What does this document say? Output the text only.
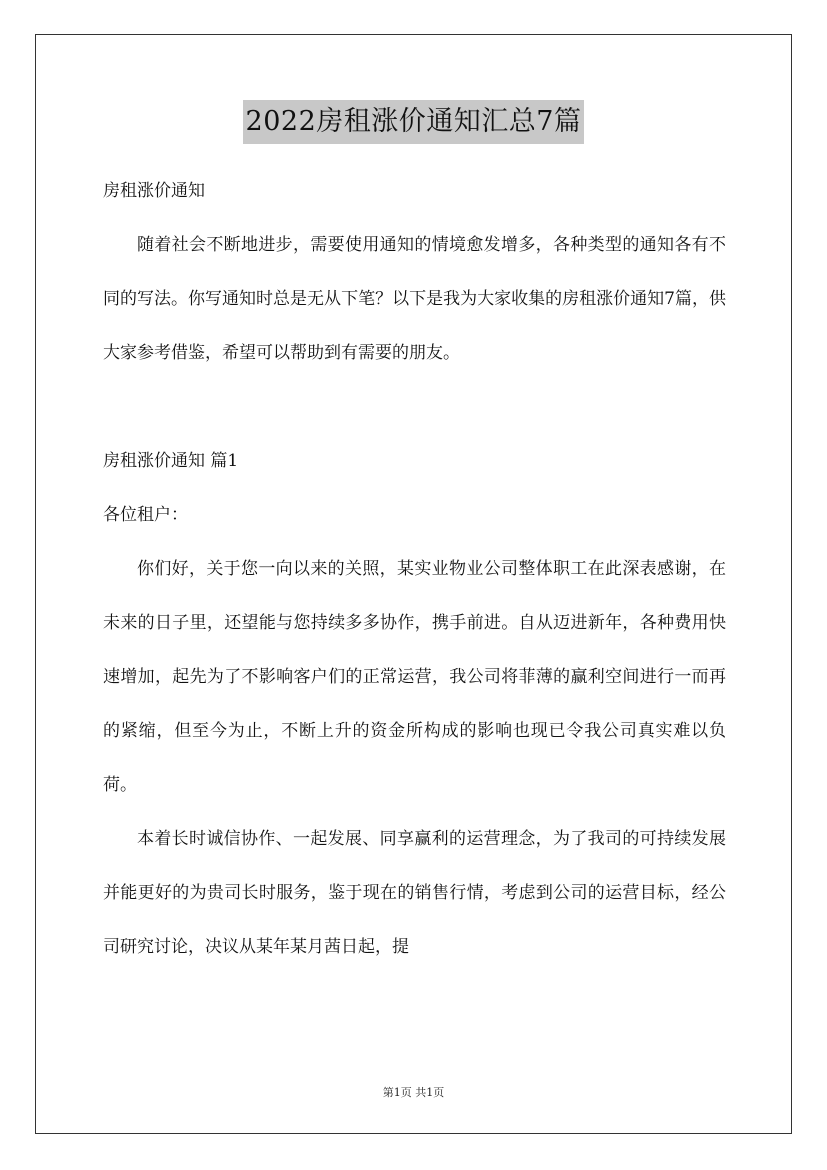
2022房租涨价通知汇总7篇

房租涨价通知

随着社会不断地进步，需要使用通知的情境愈发增多，各种类型的通知各有不同的写法。你写通知时总是无从下笔？以下是我为大家收集的房租涨价通知7篇，供大家参考借鉴，希望可以帮助到有需要的朋友。

房租涨价通知 篇1

各位租户：

你们好，关于您一向以来的关照，某实业物业公司整体职工在此深表感谢，在未来的日子里，还望能与您持续多多协作，携手前进。自从迈进新年，各种费用快速增加，起先为了不影响客户们的正常运营，我公司将菲薄的赢利空间进行一而再的紧缩，但至今为止，不断上升的资金所构成的影响也现已令我公司真实难以负荷。

本着长时诚信协作、一起发展、同享赢利的运营理念，为了我司的可持续发展并能更好的为贵司长时服务，鉴于现在的销售行情，考虑到公司的运营目标，经公司研究讨论，决议从某年某月茜日起，提

第1页 共1页
